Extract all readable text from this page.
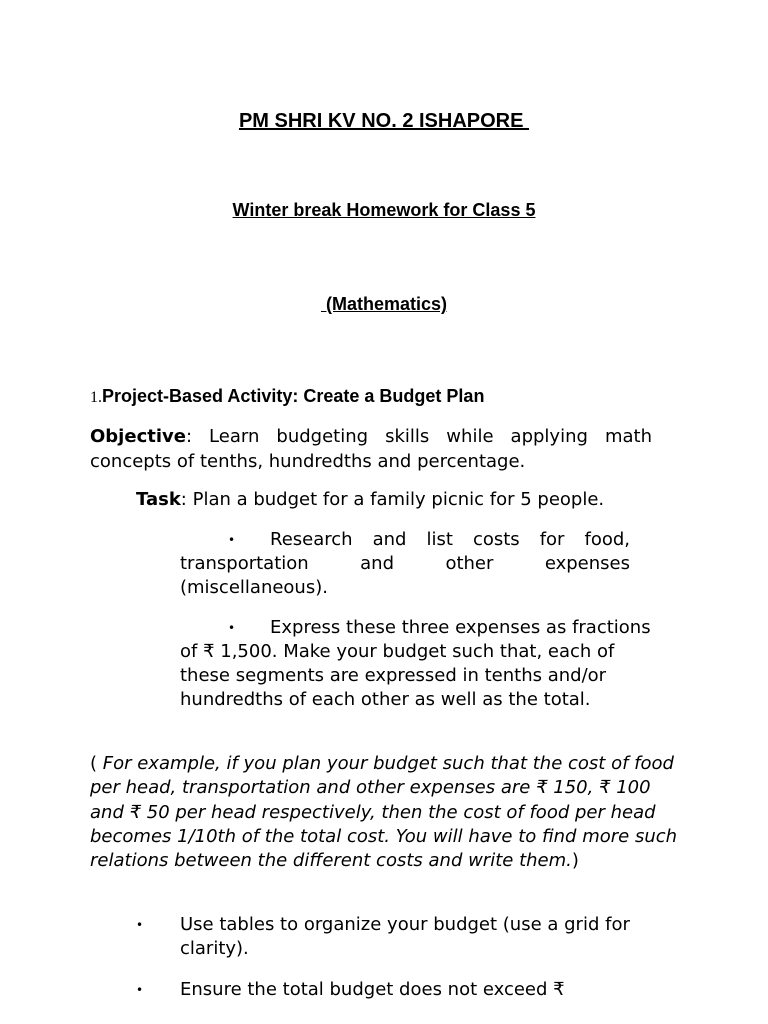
PM SHRI KV NO. 2 ISHAPORE
Winter break Homework for Class 5
(Mathematics)
1.Project-Based Activity: Create a Budget Plan
Objective: Learn budgeting skills while applying math concepts of tenths, hundredths and percentage.
Task: Plan a budget for a family picnic for 5 people.
• Research and list costs for food, transportation and other expenses (miscellaneous).
• Express these three expenses as fractions of ₹ 1,500. Make your budget such that, each of these segments are expressed in tenths and/or hundredths of each other as well as the total.
( For example, if you plan your budget such that the cost of food per head, transportation and other expenses are ₹ 150, ₹ 100 and ₹ 50 per head respectively, then the cost of food per head becomes 1/10th of the total cost. You will have to find more such relations between the different costs and write them.)
• Use tables to organize your budget (use a grid for clarity).
• Ensure the total budget does not exceed ₹
